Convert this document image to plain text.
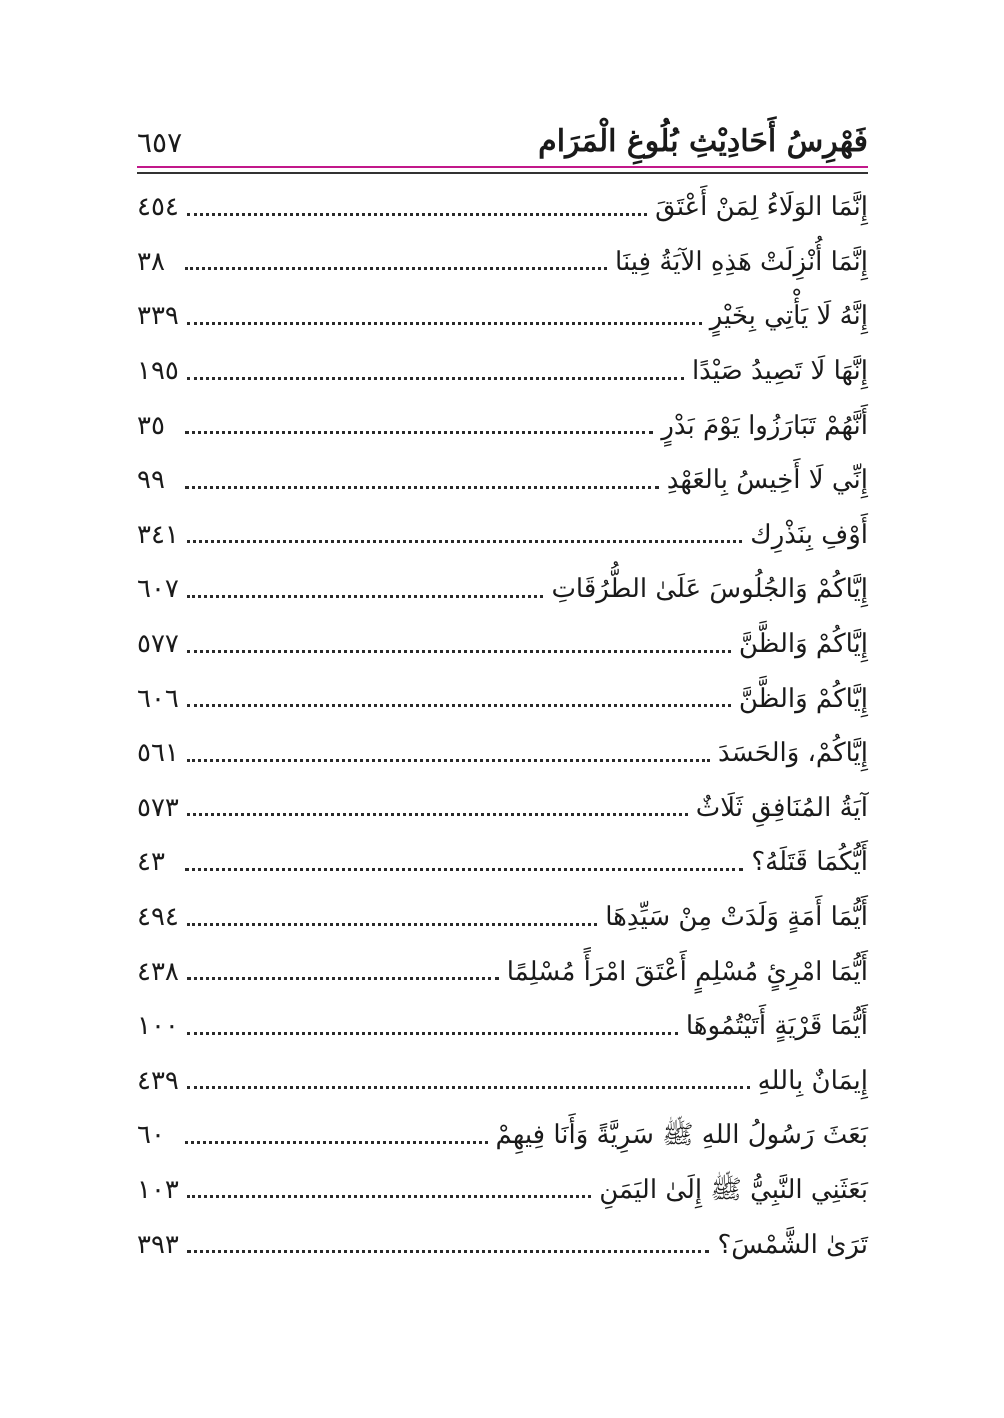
فَهْرِسُ أَحَادِيْثِ بُلُوغِ الْمَرَام
٦٥٧
إِنَّمَا الوَلَاءُ لِمَنْ أَعْتَقَ
٤٥٤
إِنَّمَا أُنْزِلَتْ هَذِهِ الآيَةُ فِينَا
٣٨
إِنَّهُ لَا يَأْتِي بِخَيْرٍ
٣٣٩
إِنَّهَا لَا تَصِيدُ صَيْدًا
١٩٥
أَنَّهُمْ تَبَارَزُوا يَوْمَ بَدْرٍ
٣٥
إِنِّي لَا أَخِيسُ بِالعَهْدِ
٩٩
أَوْفِ بِنَذْرِك
٣٤١
إِيَّاكُمْ وَالجُلُوسَ عَلَىٰ الطُّرُقَاتِ
٦٠٧
إِيَّاكُمْ وَالظَّنَّ
٥٧٧
إِيَّاكُمْ وَالظَّنَّ
٦٠٦
إِيَّاكُمْ، وَالحَسَدَ
٥٦١
آيَةُ المُنَافِقِ ثَلَاثٌ
٥٧٣
أَيُّكُمَا قَتَلَهُ؟
٤٣
أَيُّمَا أَمَةٍ وَلَدَتْ مِنْ سَيِّدِهَا
٤٩٤
أَيُّمَا امْرِئٍ مُسْلِمٍ أَعْتَقَ امْرَأً مُسْلِمًا
٤٣٨
أَيُّمَا قَرْيَةٍ أَتَيْتُمُوهَا
١٠٠
إِيمَانٌ بِاللهِ
٤٣٩
بَعَثَ رَسُولُ اللهِ ﷺ سَرِيَّةً وَأَنَا فِيهِمْ
٦٠
بَعَثَنِي النَّبِيُّ ﷺ إِلَىٰ اليَمَنِ
١٠٣
تَرَىٰ الشَّمْسَ؟
٣٩٣
